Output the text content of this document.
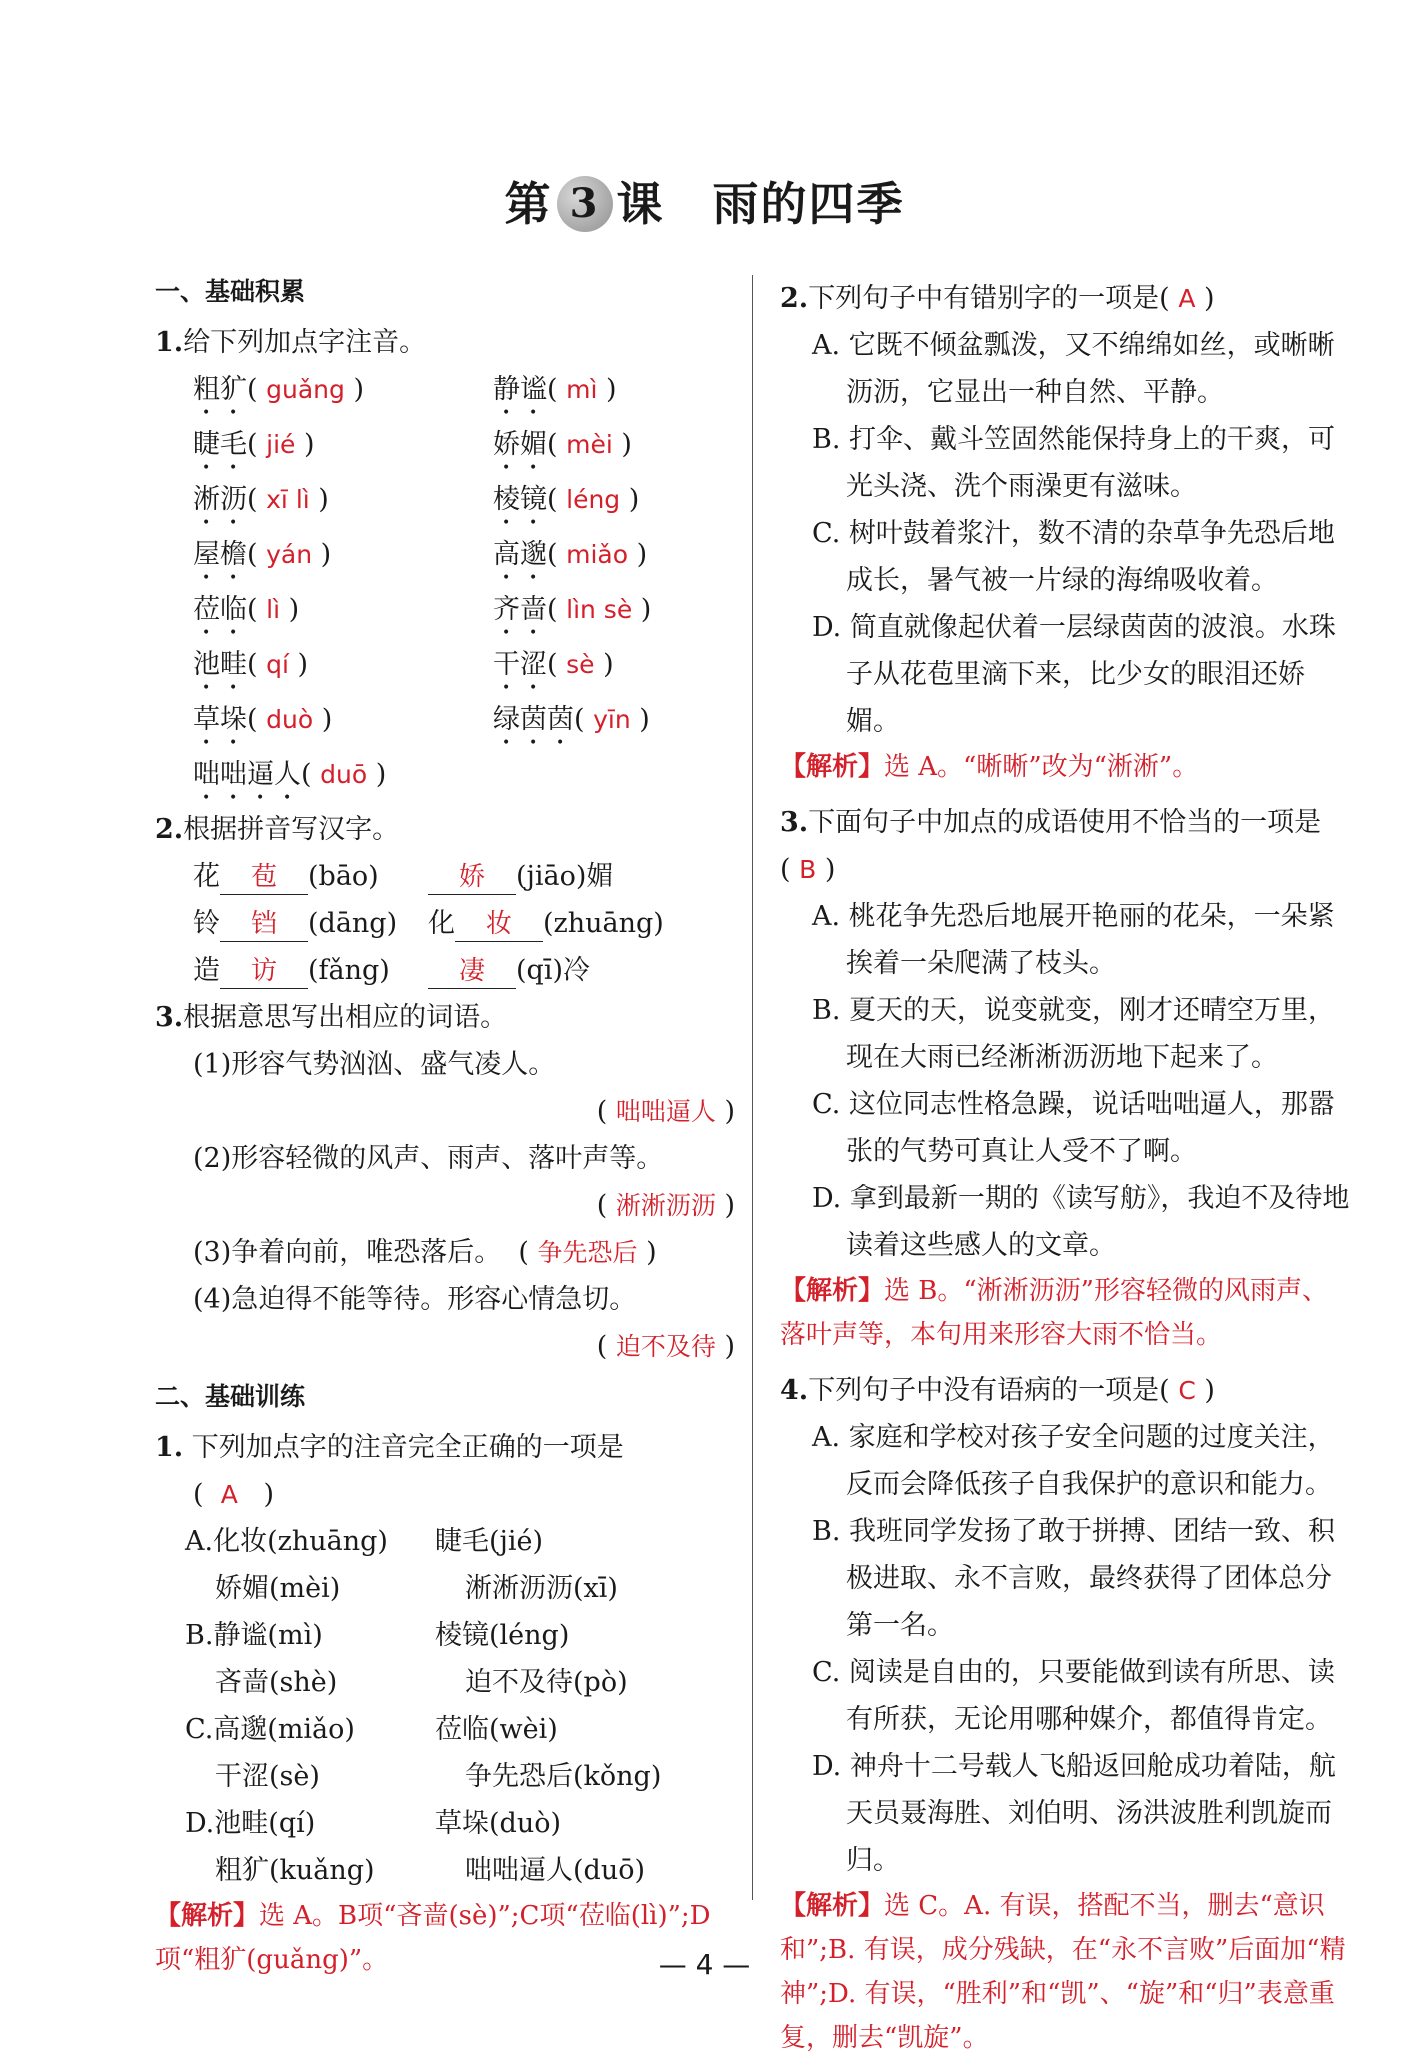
第 3 课  雨的四季
一、基础积累
1.给下列加点字注音。
粗犷( guǎng )	静谧( mì )
睫毛( jié )	娇媚( mèi )
淅沥( xī lì )	棱镜( léng )
屋檐( yán )	高邈( miǎo )
莅临( lì )	齐啬( lìn sè )
池畦( qí )	干涩( sè )
草垛( duò )	绿茵茵( yīn )
咄咄逼人( duō )
2.根据拼音写汉字。
花 苞 (bāo)	娇 (jiāo)媚
铃 铛 (dāng)	化 妆 (zhuāng)
造 访 (fǎng)	凄 (qī)冷
3.根据意思写出相应的词语。
(1)形容气势汹汹、盛气凌人。
( 咄咄逼人 )
(2)形容轻微的风声、雨声、落叶声等。
( 淅淅沥沥 )
(3)争着向前，唯恐落后。  ( 争先恐后 )
(4)急迫得不能等待。形容心情急切。
( 迫不及待 )
二、基础训练
1. 下列加点字的注音完全正确的一项是
(  A   )
A.化妆(zhuāng)	睫毛(jié)
娇媚(mèi)	淅淅沥沥(xī)
B.静谧(mì)	棱镜(léng)
吝啬(shè)	迫不及待(pò)
C.高邈(miǎo)	莅临(wèi)
干涩(sè)	争先恐后(kǒng)
D.池畦(qí)	草垛(duò)
粗犷(kuǎng)	咄咄逼人(duō)
【解析】选 A。B项“吝啬(sè)”;C项“莅临(lì)”;D项“粗犷(guǎng)”。
2.下列句子中有错别字的一项是( A )
A. 它既不倾盆瓢泼，又不绵绵如丝，或晰晰沥沥，它显出一种自然、平静。
B. 打伞、戴斗笠固然能保持身上的干爽，可光头浇、洗个雨澡更有滋味。
C. 树叶鼓着浆汁，数不清的杂草争先恐后地成长，暑气被一片绿的海绵吸收着。
D. 简直就像起伏着一层绿茵茵的波浪。水珠子从花苞里滴下来，比少女的眼泪还娇媚。
【解析】选 A。“晰晰”改为“淅淅”。
3.下面句子中加点的成语使用不恰当的一项是( B )
A. 桃花争先恐后地展开艳丽的花朵，一朵紧挨着一朵爬满了枝头。
B. 夏天的天，说变就变，刚才还晴空万里，现在大雨已经淅淅沥沥地下起来了。
C. 这位同志性格急躁，说话咄咄逼人，那嚣张的气势可真让人受不了啊。
D. 拿到最新一期的《读写舫》，我迫不及待地读着这些感人的文章。
【解析】选 B。“淅淅沥沥”形容轻微的风雨声、落叶声等，本句用来形容大雨不恰当。
4.下列句子中没有语病的一项是( C )
A. 家庭和学校对孩子安全问题的过度关注，反而会降低孩子自我保护的意识和能力。
B. 我班同学发扬了敢于拼搏、团结一致、积极进取、永不言败，最终获得了团体总分第一名。
C. 阅读是自由的，只要能做到读有所思、读有所获，无论用哪种媒介，都值得肯定。
D. 神舟十二号载人飞船返回舱成功着陆，航天员聂海胜、刘伯明、汤洪波胜利凯旋而归。
【解析】选 C。A. 有误，搭配不当，删去“意识和”;B. 有误，成分残缺，在“永不言败”后面加“精神”;D. 有误，“胜利”和“凯”、“旋”和“归”表意重复，删去“凯旋”。
— 4 —
